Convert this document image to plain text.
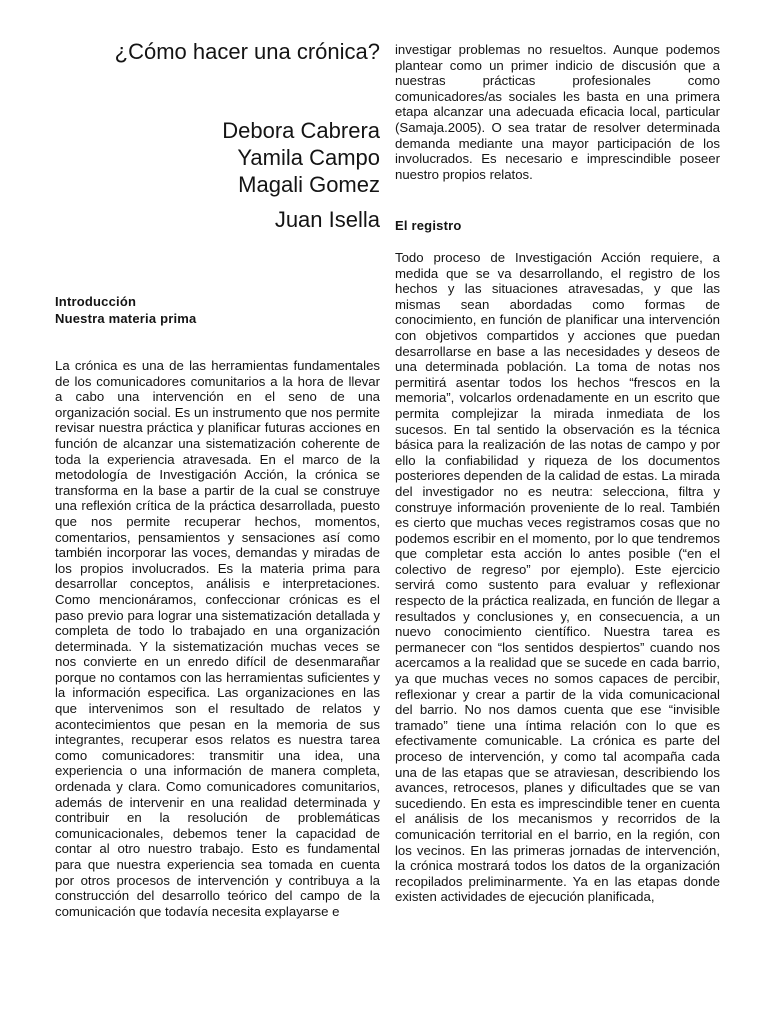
¿Cómo hacer una crónica?
Debora Cabrera
Yamila Campo
Magali Gomez
Juan Isella

Introducción

Nuestra materia prima

La crónica es una de las herramientas fundamentales de los comunicadores comunitarios a la hora de llevar a cabo una intervención en el seno de una organización social. Es un instrumento que nos permite revisar nuestra práctica y planificar futuras acciones en función de alcanzar una sistematización coherente de toda la experiencia atravesada. En el marco de la metodología de Investigación Acción, la crónica se transforma en la base a partir de la cual se construye una reflexión crítica de la práctica desarrollada, puesto que nos permite recuperar hechos, momentos, comentarios, pensamientos y sensaciones así como también incorporar las voces, demandas y miradas de los propios involucrados. Es la materia prima para desarrollar conceptos, análisis e interpretaciones. Como mencionáramos, confeccionar crónicas es el paso previo para lograr una sistematización detallada y completa de todo lo trabajado en una organización determinada. Y la sistematización muchas veces se nos convierte en un enredo difícil de desenmarañar porque no contamos con las herramientas suficientes y la información especifica. Las organizaciones en las que intervenimos son el resultado de relatos y acontecimientos que pesan en la memoria de sus integrantes, recuperar esos relatos es nuestra tarea como comunicadores: transmitir una idea, una experiencia o una información de manera completa, ordenada y clara. Como comunicadores comunitarios, además de intervenir en una realidad determinada y contribuir en la resolución de problemáticas comunicacionales, debemos tener la capacidad de contar al otro nuestro trabajo. Esto es fundamental para que nuestra experiencia sea tomada en cuenta por otros procesos de intervención y contribuya a la construcción del desarrollo teórico del campo de la comunicación que todavía necesita explayarse e

investigar problemas no resueltos. Aunque podemos plantear como un primer indicio de discusión que a nuestras prácticas profesionales como comunicadores/as sociales les basta en una primera etapa alcanzar una adecuada eficacia local, particular (Samaja.2005). O sea tratar de resolver determinada demanda mediante una mayor participación de los involucrados. Es necesario e imprescindible poseer nuestro propios relatos.

El registro

Todo proceso de Investigación Acción requiere, a medida que se va desarrollando, el registro de los hechos y las situaciones atravesadas, y que las mismas sean abordadas como formas de conocimiento, en función de planificar una intervención con objetivos compartidos y acciones que puedan desarrollarse en base a las necesidades y deseos de una determinada población. La toma de notas nos permitirá asentar todos los hechos “frescos en la memoria”, volcarlos ordenadamente en un escrito que permita complejizar la mirada inmediata de los sucesos. En tal sentido la observación es la técnica básica para la realización de las notas de campo y por ello la confiabilidad y riqueza de los documentos posteriores dependen de la calidad de estas. La mirada del investigador no es neutra: selecciona, filtra y construye información proveniente de lo real. También es cierto que muchas veces registramos cosas que no podemos escribir en el momento, por lo que tendremos que completar esta acción lo antes posible (“en el colectivo de regreso” por ejemplo). Este ejercicio servirá como sustento para evaluar y reflexionar respecto de la práctica realizada, en función de llegar a resultados y conclusiones y, en consecuencia, a un nuevo conocimiento científico. Nuestra tarea es permanecer con “los sentidos despiertos” cuando nos acercamos a la realidad que se sucede en cada barrio, ya que muchas veces no somos capaces de percibir, reflexionar y crear a partir de la vida comunicacional del barrio. No nos damos cuenta que ese “invisible tramado” tiene una íntima relación con lo que es efectivamente comunicable. La crónica es parte del proceso de intervención, y como tal acompaña cada una de las etapas que se atraviesan, describiendo los avances, retrocesos, planes y dificultades que se van sucediendo. En esta es imprescindible tener en cuenta el análisis de los mecanismos y recorridos de la comunicación territorial en el barrio, en la región, con los vecinos. En las primeras jornadas de intervención, la crónica mostrará todos los datos de la organización recopilados preliminarmente. Ya en las etapas donde existen actividades de ejecución planificada,
